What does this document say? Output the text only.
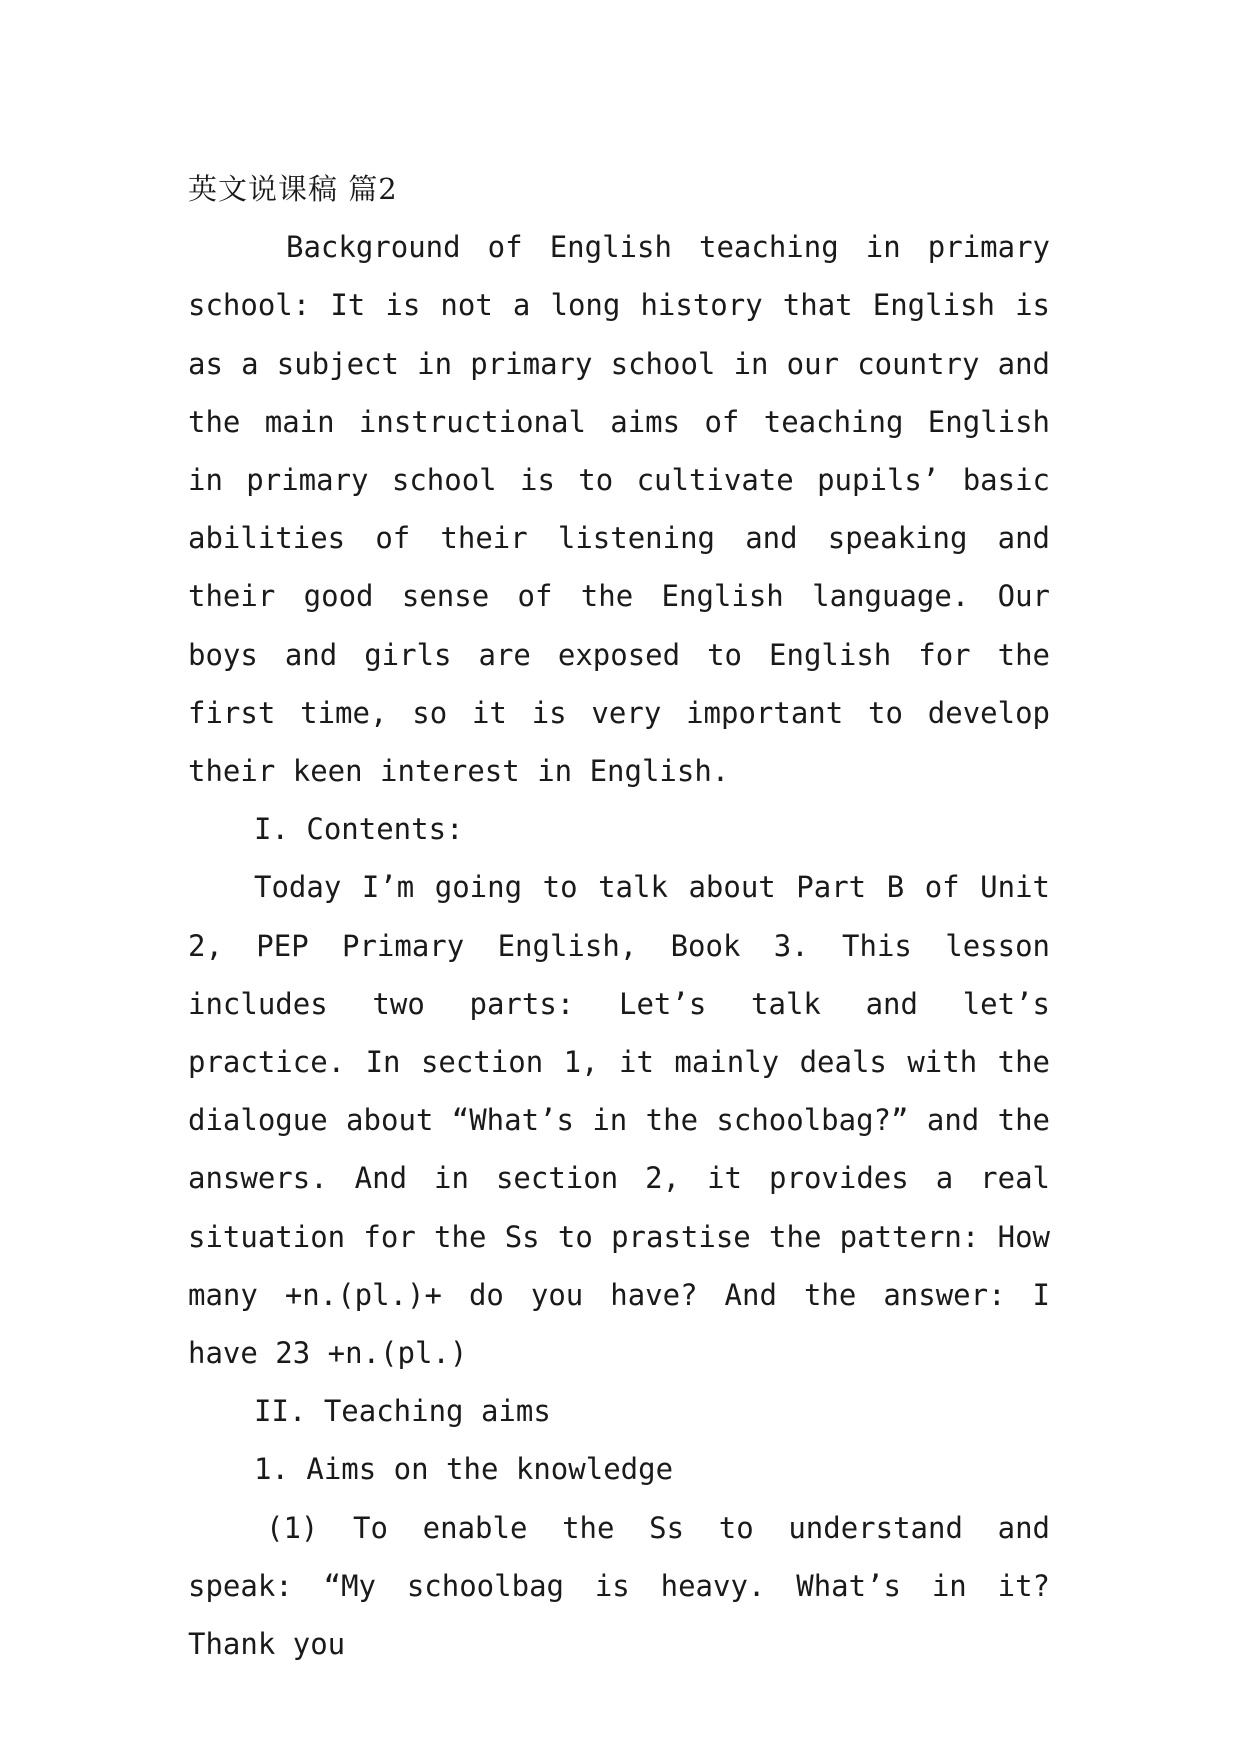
英文说课稿 篇2

Background of English teaching in primary school: It is not a long history that English is as a subject in primary school in our country and the main instructional aims of teaching English in primary school is to cultivate pupils’ basic abilities of their listening and speaking and their good sense of the English language. Our boys and girls are exposed to English for the first time, so it is very important to develop their keen interest in English.

I. Contents:

Today I’m going to talk about Part B of Unit 2, PEP Primary English, Book 3. This lesson includes two parts: Let’s talk and let’s practice. In section 1, it mainly deals with the dialogue about “What’s in the schoolbag?” and the answers. And in section 2, it provides a real situation for the Ss to prastise the pattern: How many +n.(pl.)+ do you have? And the answer: I have 23 +n.(pl.)

II. Teaching aims

1. Aims on the knowledge

(1) To enable the Ss to understand and speak: “My schoolbag is heavy. What’s in it? Thank you
